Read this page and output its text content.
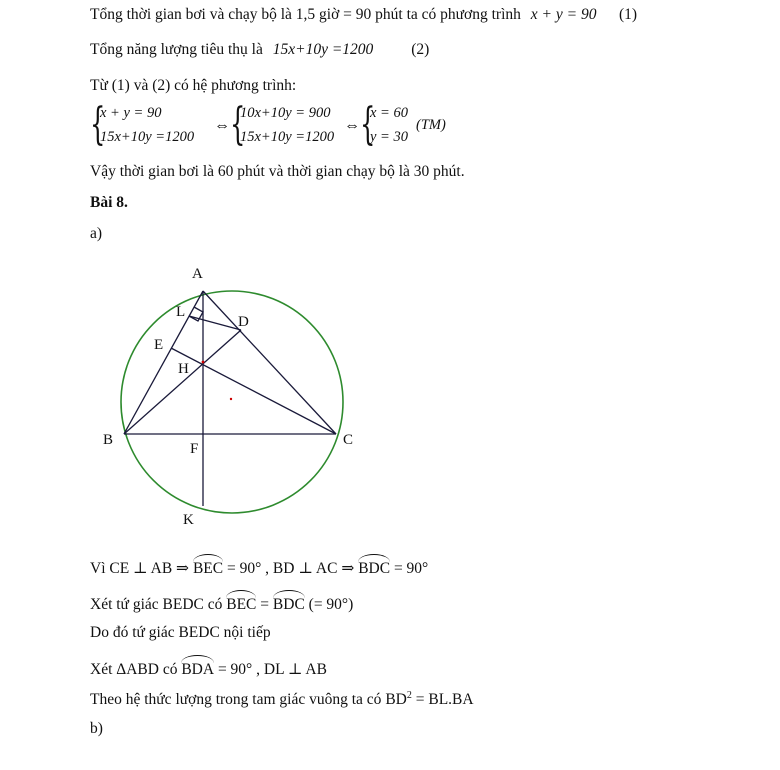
Tổng thời gian bơi và chạy bộ là 1,5 giờ = 90 phút ta có phương trình x + y = 90 (1)
Tổng năng lượng tiêu thụ là 15x+10y =1200 (2)
Từ (1) và (2) có hệ phương trình:
{
x + y = 90
15x+10y =1200
⇔ {
10x+10y = 900
15x+10y =1200
⇔ {
x = 60
y = 30
(TM)
Vậy thời gian bơi là 60 phút và thời gian chạy bộ là 30 phút.
Bài 8.
a)
A
L
D
E
H
B	C
F
K
Vì CE ⊥ AB ⇒ BEC = 90° , BD ⊥ AC ⇒ BDC = 90°
Xét tứ giác BEDC có BEC = BDC (= 90°)
Do đó tứ giác BEDC nội tiếp
Xét ΔABD có BDA = 90° , DL ⊥ AB
Theo hệ thức lượng trong tam giác vuông ta có $BD^2 = BL.BA$
b)
